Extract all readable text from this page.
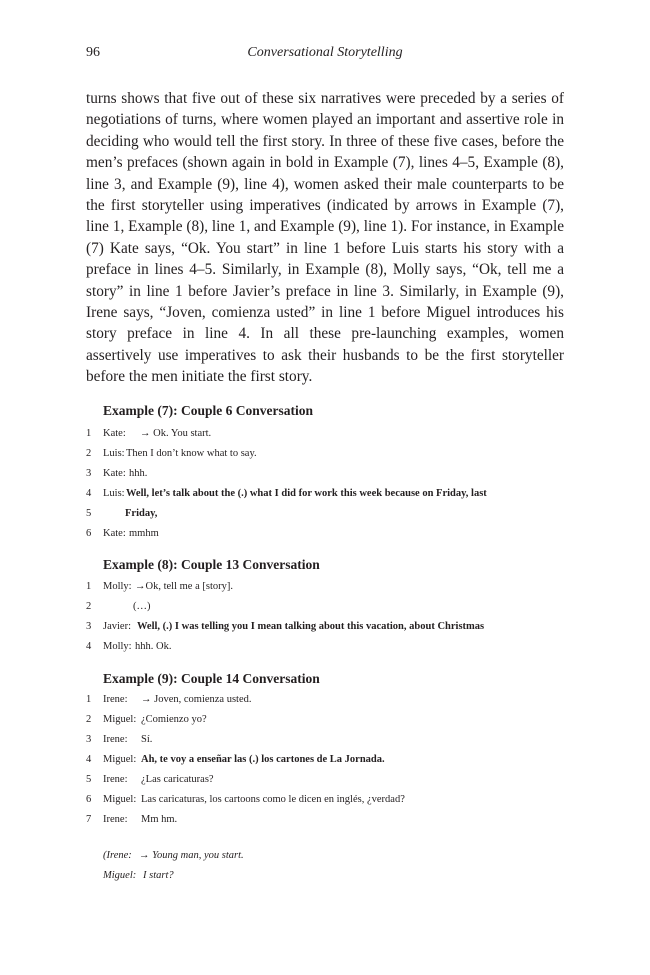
96	Conversational Storytelling

turns shows that five out of these six narratives were preceded by a series of negotiations of turns, where women played an important and assertive role in deciding who would tell the first story. In three of these five cases, before the men’s prefaces (shown again in bold in Example (7), lines 4–5, Example (8), line 3, and Example (9), line 4), women asked their male counterparts to be the first storyteller using imperatives (indicated by arrows in Example (7), line 1, Example (8), line 1, and Example (9), line 1). For instance, in Example (7) Kate says, “Ok. You start” in line 1 before Luis starts his story with a preface in lines 4–5. Similarly, in Example (8), Molly says, “Ok, tell me a story” in line 1 before Javier’s preface in line 3. Similarly, in Example (9), Irene says, “Joven, comienza usted” in line 1 before Miguel introduces his story preface in line 4. In all these pre-launching examples, women assertively use imperatives to ask their husbands to be the first storyteller before the men initiate the first story.

Example (7): Couple 6 Conversation
1 Kate: → Ok. You start.
2 Luis: Then I don’t know what to say.
3 Kate: hhh.
4 Luis: Well, let’s talk about the (.) what I did for work this week because on Friday, last
5	Friday,
6 Kate: mmhm
Example (8): Couple 13 Conversation
1 Molly: →Ok, tell me a [story].
2	(…)
3 Javier: Well, (.) I was telling you I mean talking about this vacation, about Christmas
4 Molly: hhh. Ok.
Example (9): Couple 14 Conversation
1 Irene: → Joven, comienza usted.
2 Miguel: ¿Comienzo yo?
3 Irene: Sí.
4 Miguel: Ah, te voy a enseñar las (.) los cartones de La Jornada.
5 Irene: ¿Las caricaturas?
6 Miguel: Las caricaturas, los cartoons como le dicen en inglés, ¿verdad?
7 Irene: Mm hm.
(Irene: → Young man, you start.
Miguel: I start?
